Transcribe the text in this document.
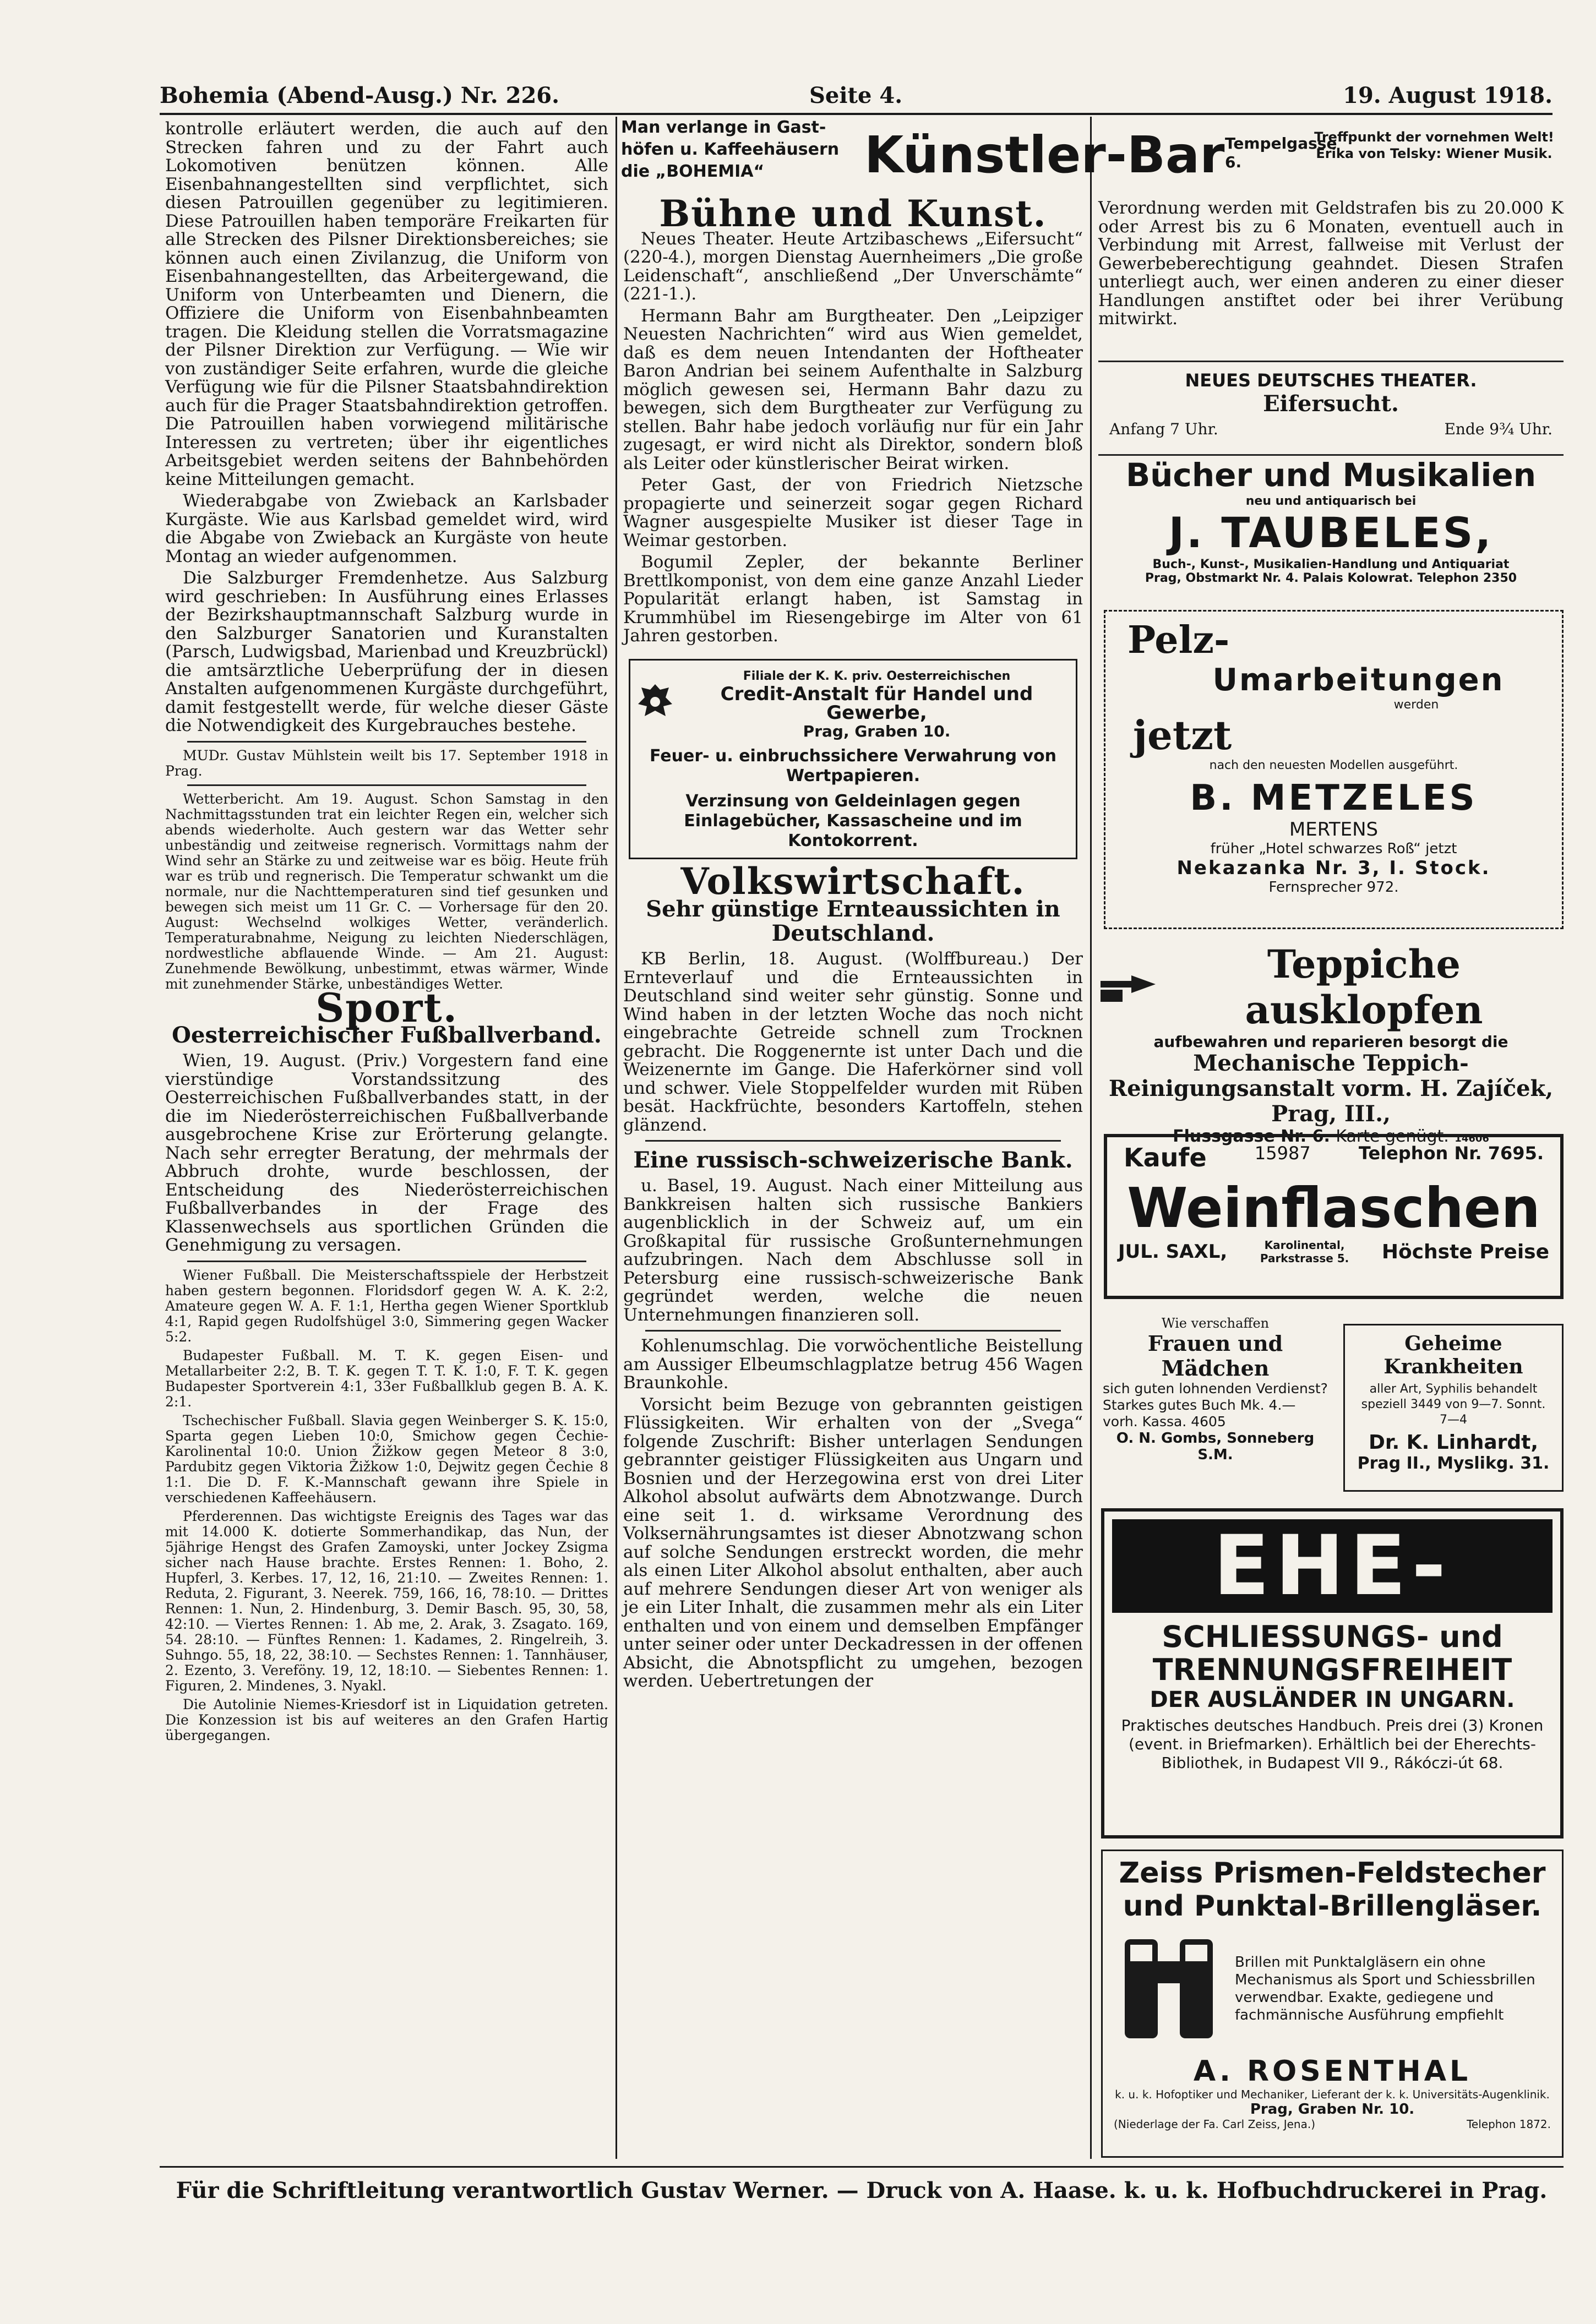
Bohemia (Abend-Ausg.) Nr. 226.	Seite 4.	19. August 1918.

kontrolle erläutert werden, die auch auf den Strecken fahren und zu der Fahrt auch Lokomotiven benützen können. Alle Eisenbahnangestellten sind verpflichtet, sich diesen Patrouillen gegenüber zu legitimieren. Diese Patrouillen haben temporäre Freikarten für alle Strecken des Pilsner Direktionsbereiches; sie können auch einen Zivilanzug, die Uniform von Eisenbahnangestellten, das Arbeitergewand, die Uniform von Unterbeamten und Dienern, die Offiziere die Uniform von Eisenbahnbeamten tragen. Die Kleidung stellen die Vorratsmagazine der Pilsner Direktion zur Verfügung. — Wie wir von zuständiger Seite erfahren, wurde die gleiche Verfügung wie für die Pilsner Staatsbahndirektion auch für die Prager Staatsbahndirektion getroffen. Die Patrouillen haben vorwiegend militärische Interessen zu vertreten; über ihr eigentliches Arbeitsgebiet werden seitens der Bahnbehörden keine Mitteilungen gemacht.

Wiederabgabe von Zwieback an Karlsbader Kurgäste. Wie aus Karlsbad gemeldet wird, wird die Abgabe von Zwieback an Kurgäste von heute Montag an wieder aufgenommen.

Die Salzburger Fremdenhetze. Aus Salzburg wird geschrieben: In Ausführung eines Erlasses der Bezirkshauptmannschaft Salzburg wurde in den Salzburger Sanatorien und Kuranstalten (Parsch, Ludwigsbad, Marienbad und Kreuzbrückl) die amtsärztliche Ueberprüfung der in diesen Anstalten aufgenommenen Kurgäste durchgeführt, damit festgestellt werde, für welche dieser Gäste die Notwendigkeit des Kurgebrauches bestehe.

MUDr. Gustav Mühlstein weilt bis 17. September 1918 in Prag.

Wetterbericht. Am 19. August. Schon Samstag in den Nachmittagsstunden trat ein leichter Regen ein, welcher sich abends wiederholte. Auch gestern war das Wetter sehr unbeständig und zeitweise regnerisch. Vormittags nahm der Wind sehr an Stärke zu und zeitweise war es böig. Heute früh war es trüb und regnerisch. Die Temperatur schwankt um die normale, nur die Nachttemperaturen sind tief gesunken und bewegen sich meist um 11 Gr. C. — Vorhersage für den 20. August: Wechselnd wolkiges Wetter, veränderlich. Temperaturabnahme, Neigung zu leichten Niederschlägen, nordwestliche abflauende Winde. — Am 21. August: Zunehmende Bewölkung, unbestimmt, etwas wärmer, Winde mit zunehmender Stärke, unbeständiges Wetter.

Sport.
Oesterreichischer Fußballverband.

Wien, 19. August. (Priv.) Vorgestern fand eine vierstündige Vorstandssitzung des Oesterreichischen Fußballverbandes statt, in der die im Niederösterreichischen Fußballverbande ausgebrochene Krise zur Erörterung gelangte. Nach sehr erregter Beratung, der mehrmals der Abbruch drohte, wurde beschlossen, der Entscheidung des Niederösterreichischen Fußballverbandes in der Frage des Klassenwechsels aus sportlichen Gründen die Genehmigung zu versagen.

Wiener Fußball. Die Meisterschaftsspiele der Herbstzeit haben gestern begonnen. Floridsdorf gegen W. A. K. 2:2, Amateure gegen W. A. F. 1:1, Hertha gegen Wiener Sportklub 4:1, Rapid gegen Rudolfshügel 3:0, Simmering gegen Wacker 5:2.

Budapester Fußball. M. T. K. gegen Eisen- und Metallarbeiter 2:2, B. T. K. gegen T. T. K. 1:0, F. T. K. gegen Budapester Sportverein 4:1, 33er Fußballklub gegen B. A. K. 2:1.

Tschechischer Fußball. Slavia gegen Weinberger S. K. 15:0, Sparta gegen Lieben 10:0, Smichow gegen Čechie-Karolinental 10:0. Union Žižkow gegen Meteor 8 3:0, Pardubitz gegen Viktoria Žižkow 1:0, Dejwitz gegen Čechie 8 1:1. Die D. F. K.-Mannschaft gewann ihre Spiele in verschiedenen Kaffeehäusern.

Pferderennen. Das wichtigste Ereignis des Tages war das mit 14.000 K. dotierte Sommerhandikap, das Nun, der 5jährige Hengst des Grafen Zamoyski, unter Jockey Zsigma sicher nach Hause brachte. Erstes Rennen: 1. Boho, 2. Hupferl, 3. Kerbes. 17, 12, 16, 21:10. — Zweites Rennen: 1. Reduta, 2. Figurant, 3. Neerek. 759, 166, 16, 78:10. — Drittes Rennen: 1. Nun, 2. Hindenburg, 3. Demir Basch. 95, 30, 58, 42:10. — Viertes Rennen: 1. Ab me, 2. Arak, 3. Zsagato. 169, 54. 28:10. — Fünftes Rennen: 1. Kadames, 2. Ringelreih, 3. Suhngo. 55, 18, 22, 38:10. — Sechstes Rennen: 1. Tannhäuser, 2. Ezento, 3. Vereföny. 19, 12, 18:10. — Siebentes Rennen: 1. Figuren, 2. Mindenes, 3. Nyakl.

Die Autolinie Niemes-Kriesdorf ist in Liquidation getreten. Die Konzession ist bis auf weiteres an den Grafen Hartig übergegangen.

Man verlange in Gast-höfen u. Kaffeehäusern die „BOHEMIA“
Bühne und Kunst.

Neues Theater. Heute Artzibaschews „Eifersucht“ (220-4.), morgen Dienstag Auernheimers „Die große Leidenschaft“, anschließend „Der Unverschämte“ (221-1.).

Hermann Bahr am Burgtheater. Den „Leipziger Neuesten Nachrichten“ wird aus Wien gemeldet, daß es dem neuen Intendanten der Hoftheater Baron Andrian bei seinem Aufenthalte in Salzburg möglich gewesen sei, Hermann Bahr dazu zu bewegen, sich dem Burgtheater zur Verfügung zu stellen. Bahr habe jedoch vorläufig nur für ein Jahr zugesagt, er wird nicht als Direktor, sondern bloß als Leiter oder künstlerischer Beirat wirken.

Peter Gast, der von Friedrich Nietzsche propagierte und seinerzeit sogar gegen Richard Wagner ausgespielte Musiker ist dieser Tage in Weimar gestorben.

Bogumil Zepler, der bekannte Berliner Brettlkomponist, von dem eine ganze Anzahl Lieder Popularität erlangt haben, ist Samstag in Krummhübel im Riesengebirge im Alter von 61 Jahren gestorben.

Filiale der K. K. priv. Oesterreichischen
Credit-Anstalt für Handel und Gewerbe,
Prag, Graben 10.
Feuer- u. einbruchssichere Verwahrung von Wertpapieren.
Verzinsung von Geldeinlagen gegen Einlagebücher, Kassascheine und im Kontokorrent.
Volkswirtschaft.
Sehr günstige Ernteaussichten in Deutschland.

KB Berlin, 18. August. (Wolffbureau.) Der Ernteverlauf und die Ernteaussichten in Deutschland sind weiter sehr günstig. Sonne und Wind haben in der letzten Woche das noch nicht eingebrachte Getreide schnell zum Trocknen gebracht. Die Roggenernte ist unter Dach und die Weizenernte im Gange. Die Haferkörner sind voll und schwer. Viele Stoppelfelder wurden mit Rüben besät. Hackfrüchte, besonders Kartoffeln, stehen glänzend.

Eine russisch-schweizerische Bank.

u. Basel, 19. August. Nach einer Mitteilung aus Bankkreisen halten sich russische Bankiers augenblicklich in der Schweiz auf, um ein Großkapital für russische Großunternehmungen aufzubringen. Nach dem Abschlusse soll in Petersburg eine russisch-schweizerische Bank gegründet werden, welche die neuen Unternehmungen finanzieren soll.

Kohlenumschlag. Die vorwöchentliche Beistellung am Aussiger Elbeumschlagplatze betrug 456 Wagen Braunkohle.

Vorsicht beim Bezuge von gebrannten geistigen Flüssigkeiten. Wir erhalten von der „Svega“ folgende Zuschrift: Bisher unterlagen Sendungen gebrannter geistiger Flüssigkeiten aus Ungarn und Bosnien und der Herzegowina erst von drei Liter Alkohol absolut aufwärts dem Abnotzwange. Durch eine seit 1. d. wirksame Verordnung des Volksernährungsamtes ist dieser Abnotzwang schon auf solche Sendungen erstreckt worden, die mehr als einen Liter Alkohol absolut enthalten, aber auch auf mehrere Sendungen dieser Art von weniger als je ein Liter Inhalt, die zusammen mehr als ein Liter enthalten und von einem und demselben Empfänger unter seiner oder unter Deckadressen in der offenen Absicht, die Abnotspflicht zu umgehen, bezogen werden. Uebertretungen der

Künstler-Bar Tempelgasse 6.
Treffpunkt der vornehmen Welt! Erika von Telsky: Wiener Musik.

Verordnung werden mit Geldstrafen bis zu 20.000 K oder Arrest bis zu 6 Monaten, eventuell auch in Verbindung mit Arrest, fallweise mit Verlust der Gewerbeberechtigung geahndet. Diesen Strafen unterliegt auch, wer einen anderen zu einer dieser Handlungen anstiftet oder bei ihrer Verübung mitwirkt.

NEUES DEUTSCHES THEATER.
Eifersucht.
Anfang 7 Uhr.	Ende 9¾ Uhr.
Bücher und Musikalien
neu und antiquarisch bei
J. TAUBELES,
Buch-, Kunst-, Musikalien-Handlung und Antiquariat
Prag, Obstmarkt Nr. 4. Palais Kolowrat. Telephon 2350
Pelz-
Umarbeitungen
werden
jetzt
nach den neuesten Modellen ausgeführt.
B. METZELES
MERTENS
früher „Hotel schwarzes Roß“ jetzt
Nekazanka Nr. 3, I. Stock.
Fernsprecher 972.
Teppiche ausklopfen
aufbewahren und reparieren besorgt die
Mechanische Teppich-Reinigungsanstalt vorm. H. Zajíček, Prag, III.,
Flussgasse Nr. 6. Karte genügt. 14606
Kaufe	15987	Telephon Nr. 7695.
Weinflaschen
JUL. SAXL,	Karolinental, Parkstrasse 5.	Höchste Preise
Wie verschaffen
Frauen und Mädchen
sich guten lohnenden Verdienst? Starkes gutes Buch Mk. 4.— vorh. Kassa. 4605
O. N. Gombs, Sonneberg S.M.
Geheime Krankheiten
aller Art, Syphilis behandelt speziell 3449 von 9—7. Sonnt. 7—4
Dr. K. Linhardt,
Prag II., Myslikg. 31.
EHE-
SCHLIESSUNGS- und
TRENNUNGSFREIHEIT
DER AUSLÄNDER IN UNGARN.
Praktisches deutsches Handbuch. Preis drei (3) Kronen (event. in Briefmarken). Erhältlich bei der Eherechts-Bibliothek, in Budapest VII 9., Rákóczi-út 68.
Zeiss Prismen-Feldstecher
und Punktal-Brillengläser.
Brillen mit Punktalgläsern ein ohne Mechanismus als Sport und Schiessbrillen verwendbar. Exakte, gediegene und fachmännische Ausführung empfiehlt
A. ROSENTHAL
k. u. k. Hofoptiker und Mechaniker, Lieferant der k. k. Universitäts-Augenklinik.
Prag, Graben Nr. 10.
(Niederlage der Fa. Carl Zeiss, Jena.)	Telephon 1872.
Für die Schriftleitung verantwortlich Gustav Werner. — Druck von A. Haase. k. u. k. Hofbuchdruckerei in Prag.
